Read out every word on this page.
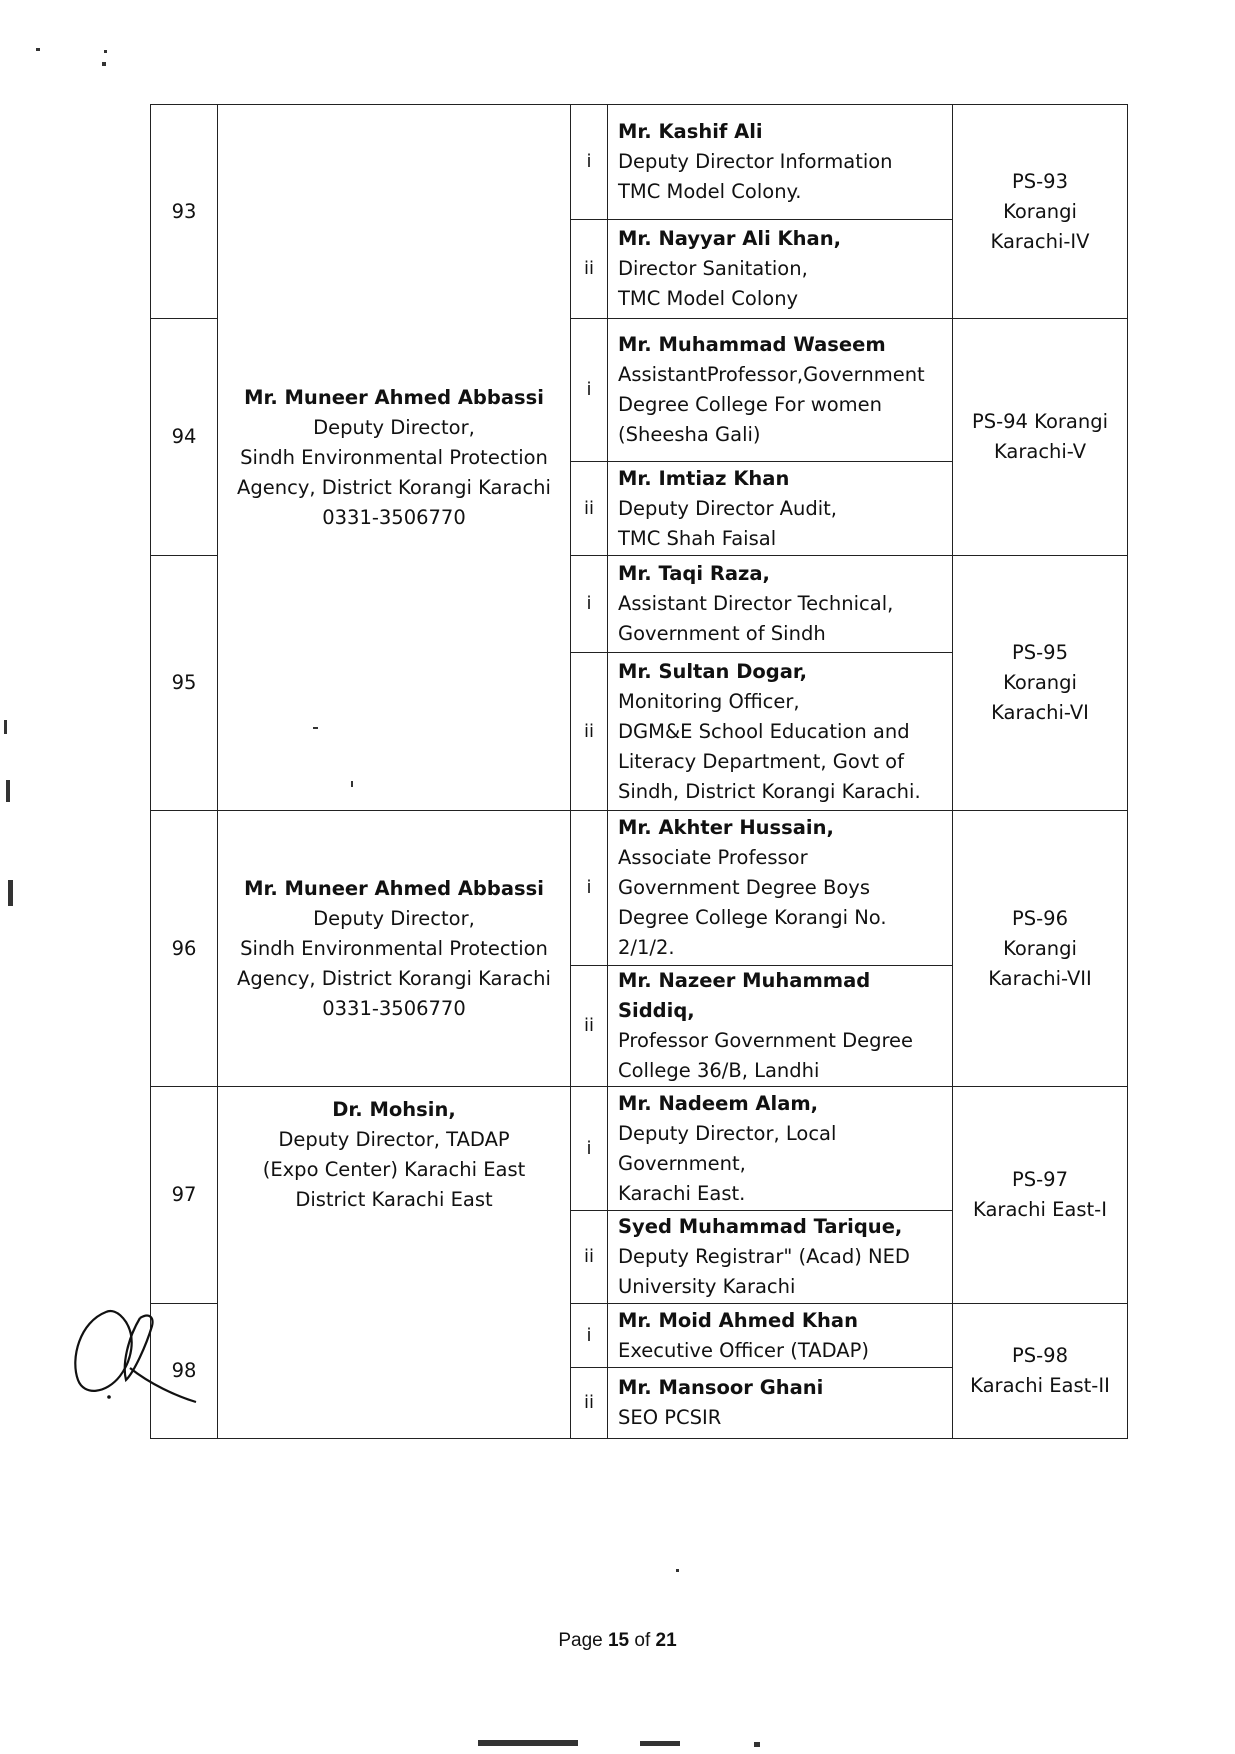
93	Mr. Muneer Ahmed Abbassi
Deputy Director,
Sindh Environmental Protection
Agency, District Korangi Karachi
0331-3506770	i	Mr. Kashif Ali
Deputy Director Information
TMC Model Colony.	PS-93
Korangi
Karachi-IV

		ii	Mr. Nayyar Ali Khan,
Director Sanitation,
TMC Model Colony	

94		i	Mr. Muhammad Waseem
AssistantProfessor,Government
Degree College For women
(Sheesha Gali)	PS-94 Korangi
Karachi-V

		ii	Mr. Imtiaz Khan
Deputy Director Audit,
TMC Shah Faisal	

95		i	Mr. Taqi Raza,
Assistant Director Technical,
Government of Sindh	PS-95
Korangi
Karachi-VI

		ii	Mr. Sultan Dogar,
Monitoring Officer,
DGM&E School Education and
Literacy Department, Govt of
Sindh, District Korangi Karachi.	

96	Mr. Muneer Ahmed Abbassi
Deputy Director,
Sindh Environmental Protection
Agency, District Korangi Karachi
0331-3506770	i	Mr. Akhter Hussain,
Associate Professor
Government Degree Boys
Degree College Korangi No.
2/1/2.	PS-96
Korangi
Karachi-VII

		ii	Mr. Nazeer Muhammad Siddiq,
Professor Government Degree
College 36/B, Landhi	

97	Dr. Mohsin,
Deputy Director, TADAP
(Expo Center) Karachi East
District Karachi East	i	Mr. Nadeem Alam,
Deputy Director, Local
Government,
Karachi East.	PS-97
Karachi East-I

		ii	Syed Muhammad Tarique,
Deputy Registrar" (Acad) NED
University Karachi	

98		i	Mr. Moid Ahmed Khan
Executive Officer (TADAP)	PS-98
Karachi East-II

		ii	Mr. Mansoor Ghani
SEO PCSIR	
Page 15 of 21
